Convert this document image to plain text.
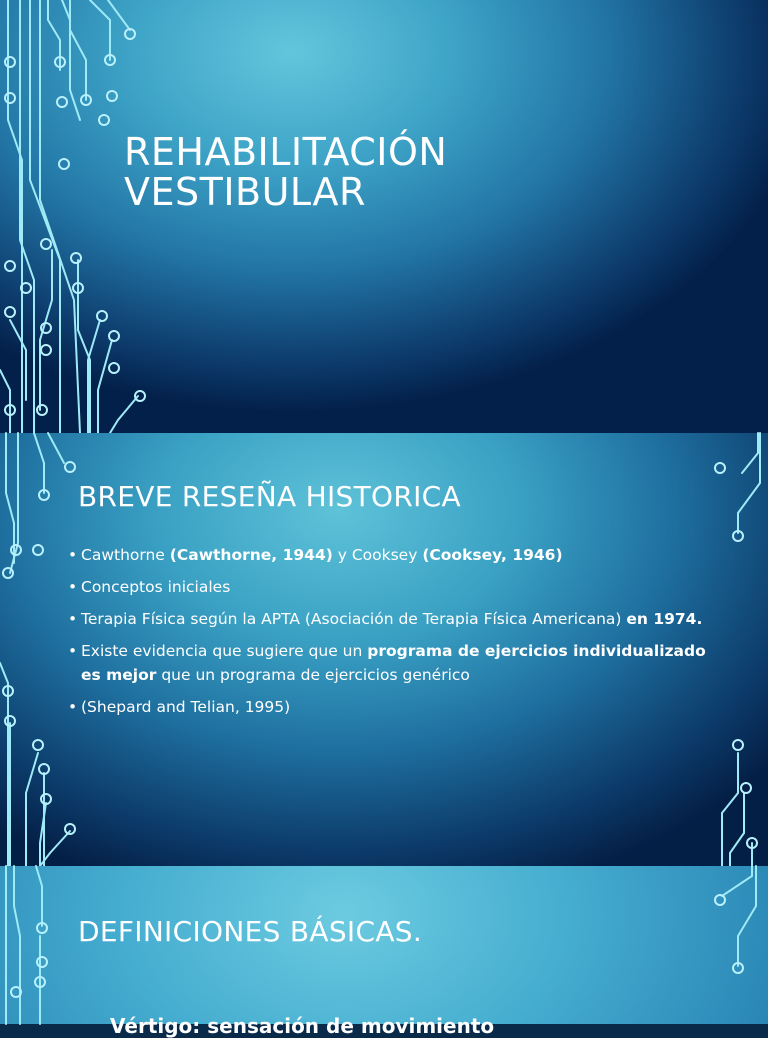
REHABILITACIÓN
VESTIBULAR
BREVE RESEÑA HISTORICA
• Cawthorne (Cawthorne, 1944) y Cooksey (Cooksey, 1946)
• Conceptos iniciales
• Terapia Física según la APTA (Asociación de Terapia Física Americana) en 1974.
• Existe evidencia que sugiere que un programa de ejercicios individualizado es mejor que un programa de ejercicios genérico
• (Shepard and Telian, 1995)
DEFINICIONES BÁSICAS.
Vértigo: sensación de movimiento
